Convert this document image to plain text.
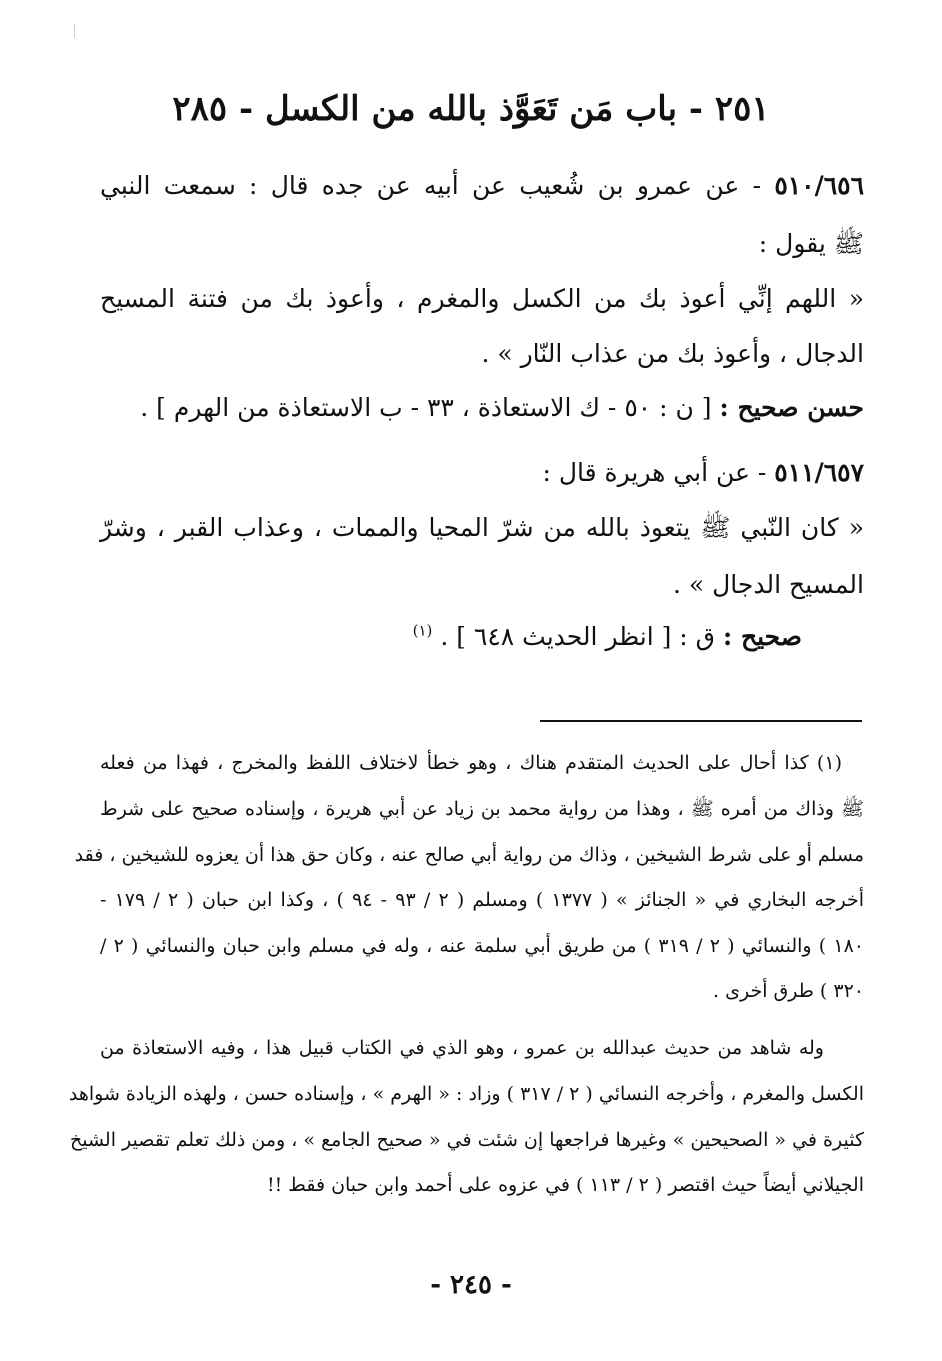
٢٥١ - باب مَن تَعَوَّذ بالله من الكسل - ٢٨٥
٥١٠/٦٥٦ - عن عمرو بن شُعيب عن أبيه عن جده قال : سمعت النبي
ﷺ يقول :
« اللهم إنِّي أعوذ بك من الكسل والمغرم ، وأعوذ بك من فتنة المسيح
الدجال ، وأعوذ بك من عذاب النّار » .
حسن صحيح : [ ن : ٥٠ - ك الاستعاذة ، ٣٣ - ب الاستعاذة من الهرم ] .
٥١١/٦٥٧ - عن أبي هريرة قال :
« كان النّبي ﷺ يتعوذ بالله من شرّ المحيا والممات ، وعذاب القبر ، وشرّ
المسيح الدجال » .
صحيح : ق : [ انظر الحديث ٦٤٨ ] . $^{(١)}$
(١) كذا أحال على الحديث المتقدم هناك ، وهو خطأ لاختلاف اللفظ والمخرج ، فهذا من فعله
ﷺ وذاك من أمره ﷺ ، وهذا من رواية محمد بن زياد عن أبي هريرة ، وإسناده صحيح على شرط
مسلم أو على شرط الشيخين ، وذاك من رواية أبي صالح عنه ، وكان حق هذا أن يعزوه للشيخين ، فقد
أخرجه البخاري في « الجنائز » ( ١٣٧٧ ) ومسلم ( ٢ / ٩٣ - ٩٤ ) ، وكذا ابن حبان ( ٢ / ١٧٩ -
١٨٠ ) والنسائي ( ٢ / ٣١٩ ) من طريق أبي سلمة عنه ، وله في مسلم وابن حبان والنسائي ( ٢ /
٣٢٠ ) طرق أخرى .
وله شاهد من حديث عبدالله بن عمرو ، وهو الذي في الكتاب قبيل هذا ، وفيه الاستعاذة من
الكسل والمغرم ، وأخرجه النسائي ( ٢ / ٣١٧ ) وزاد : « الهرم » ، وإسناده حسن ، ولهذه الزيادة شواهد
كثيرة في « الصحيحين » وغيرها فراجعها إن شئت في « صحيح الجامع » ، ومن ذلك تعلم تقصير الشيخ
الجيلاني أيضاً حيث اقتصر ( ٢ / ١١٣ ) في عزوه على أحمد وابن حبان فقط !!
- ٢٤٥ -
